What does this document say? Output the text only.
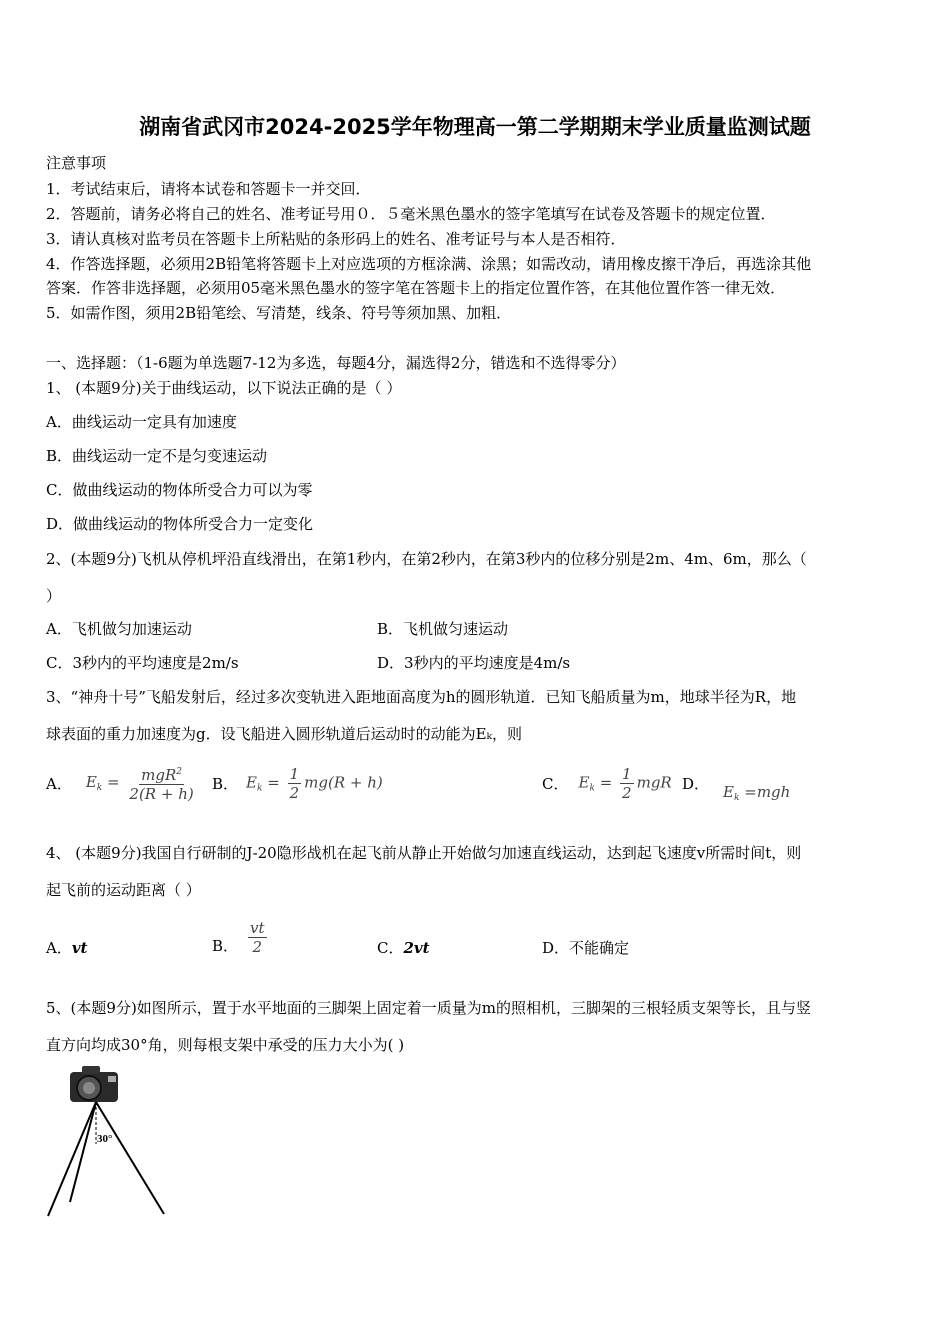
湖南省武冈市2024-2025学年物理高一第二学期期末学业质量监测试题
注意事项
1．考试结束后，请将本试卷和答题卡一并交回．
2．答题前，请务必将自己的姓名、准考证号用０．５毫米黑色墨水的签字笔填写在试卷及答题卡的规定位置．
3．请认真核对监考员在答题卡上所粘贴的条形码上的姓名、准考证号与本人是否相符．
4．作答选择题，必须用2B铅笔将答题卡上对应选项的方框涂满、涂黑；如需改动，请用橡皮擦干净后，再选涂其他
答案．作答非选择题，必须用05毫米黑色墨水的签字笔在答题卡上的指定位置作答，在其他位置作答一律无效．
5．如需作图，须用2B铅笔绘、写清楚，线条、符号等须加黑、加粗．
一、选择题：（1-6题为单选题7-12为多选，每题4分，漏选得2分，错选和不选得零分）
1、 (本题9分)关于曲线运动，以下说法正确的是（ ）
A．曲线运动一定具有加速度
B．曲线运动一定不是匀变速运动
C．做曲线运动的物体所受合力可以为零
D．做曲线运动的物体所受合力一定变化
2、(本题9分)飞机从停机坪沿直线滑出，在第1秒内，在第2秒内，在第3秒内的位移分别是2m、4m、6m，那么（
）
A．飞机做匀加速运动	B．飞机做匀速运动
C．3秒内的平均速度是2m/s	D．3秒内的平均速度是4m/s
3、“神舟十号”飞船发射后，经过多次变轨进入距地面高度为h的圆形轨道．已知飞船质量为m，地球半径为R，地
球表面的重力加速度为g．设飞船进入圆形轨道后运动时的动能为Eₖ，则
A． $E_k = \frac{mgR^2}{2(R + h)}$ B． $E_k = \frac{1}{2} mg(R + h)$	C． $E_k = \frac{1}{2}$ mgR D． $E_k =mgh$
4、 (本题9分)我国自行研制的J-20隐形战机在起飞前从静止开始做匀加速直线运动，达到起飞速度v所需时间t，则
起飞前的运动距离（ ）
A．vt	B． $\frac{vt}{2}$	C．2vt	D．不能确定
5、(本题9分)如图所示，置于水平地面的三脚架上固定着一质量为m的照相机，三脚架的三根轻质支架等长，且与竖
直方向均成30°角，则每根支架中承受的压力大小为( )
30°
